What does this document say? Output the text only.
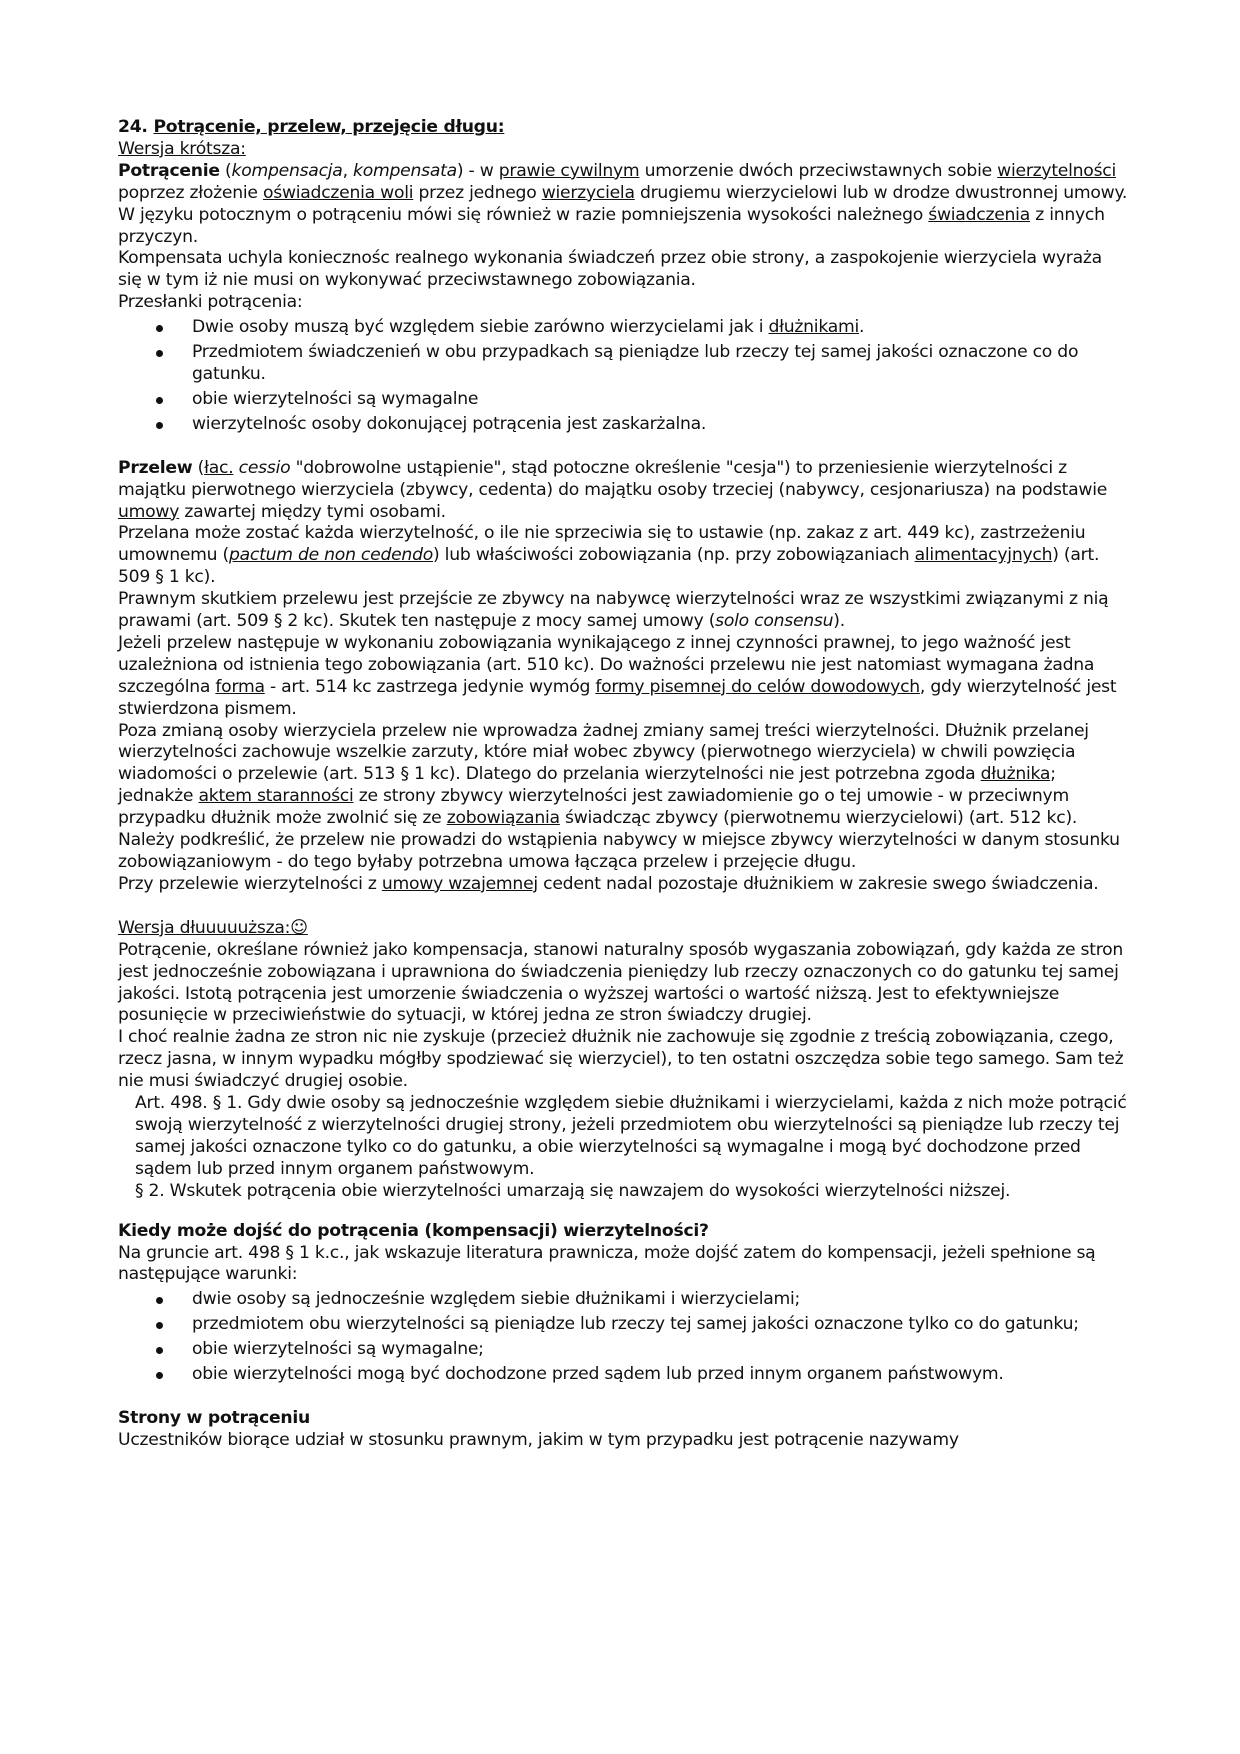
24. Potrącenie, przelew, przejęcie długu:

Wersja krótsza:

Potrącenie (kompensacja, kompensata) - w prawie cywilnym umorzenie dwóch przeciwstawnych sobie wierzytelności poprzez złożenie oświadczenia woli przez jednego wierzyciela drugiemu wierzycielowi lub w drodze dwustronnej umowy.

W języku potocznym o potrąceniu mówi się również w razie pomniejszenia wysokości należnego świadczenia z innych przyczyn.

Kompensata uchyla koniecznośc realnego wykonania świadczeń przez obie strony, a zaspokojenie wierzyciela wyraża się w tym iż nie musi on wykonywać przeciwstawnego zobowiązania.

Przesłanki potrącenia:

Dwie osoby muszą być względem siebie zarówno wierzycielami jak i dłużnikami.
Przedmiotem świadczenień w obu przypadkach są pieniądze lub rzeczy tej samej jakości oznaczone co do gatunku.
obie wierzytelności są wymagalne
wierzytelnośc osoby dokonującej potrącenia jest zaskarżalna.

Przelew (łac. cessio "dobrowolne ustąpienie", stąd potoczne określenie "cesja") to przeniesienie wierzytelności z majątku pierwotnego wierzyciela (zbywcy, cedenta) do majątku osoby trzeciej (nabywcy, cesjonariusza) na podstawie umowy zawartej między tymi osobami.

Przelana może zostać każda wierzytelność, o ile nie sprzeciwia się to ustawie (np. zakaz z art. 449 kc), zastrzeżeniu umownemu (pactum de non cedendo) lub właściwości zobowiązania (np. przy zobowiązaniach alimentacyjnych) (art. 509 § 1 kc).

Prawnym skutkiem przelewu jest przejście ze zbywcy na nabywcę wierzytelności wraz ze wszystkimi związanymi z nią prawami (art. 509 § 2 kc). Skutek ten następuje z mocy samej umowy (solo consensu).

Jeżeli przelew następuje w wykonaniu zobowiązania wynikającego z innej czynności prawnej, to jego ważność jest uzależniona od istnienia tego zobowiązania (art. 510 kc). Do ważności przelewu nie jest natomiast wymagana żadna szczególna forma - art. 514 kc zastrzega jedynie wymóg formy pisemnej do celów dowodowych, gdy wierzytelność jest stwierdzona pismem.

Poza zmianą osoby wierzyciela przelew nie wprowadza żadnej zmiany samej treści wierzytelności. Dłużnik przelanej wierzytelności zachowuje wszelkie zarzuty, które miał wobec zbywcy (pierwotnego wierzyciela) w chwili powzięcia wiadomości o przelewie (art. 513 § 1 kc). Dlatego do przelania wierzytelności nie jest potrzebna zgoda dłużnika; jednakże aktem staranności ze strony zbywcy wierzytelności jest zawiadomienie go o tej umowie - w przeciwnym przypadku dłużnik może zwolnić się ze zobowiązania świadcząc zbywcy (pierwotnemu wierzycielowi) (art. 512 kc).

Należy podkreślić, że przelew nie prowadzi do wstąpienia nabywcy w miejsce zbywcy wierzytelności w danym stosunku zobowiązaniowym - do tego byłaby potrzebna umowa łącząca przelew i przejęcie długu.

Przy przelewie wierzytelności z umowy wzajemnej cedent nadal pozostaje dłużnikiem w zakresie swego świadczenia.

Wersja dłuuuuuższa:☺

Potrącenie, określane również jako kompensacja, stanowi naturalny sposób wygaszania zobowiązań, gdy każda ze stron jest jednocześnie zobowiązana i uprawniona do świadczenia pieniędzy lub rzeczy oznaczonych co do gatunku tej samej jakości. Istotą potrącenia jest umorzenie świadczenia o wyższej wartości o wartość niższą. Jest to efektywniejsze posunięcie w przeciwieństwie do sytuacji, w której jedna ze stron świadczy drugiej.

I choć realnie żadna ze stron nic nie zyskuje (przecież dłużnik nie zachowuje się zgodnie z treścią zobowiązania, czego, rzecz jasna, w innym wypadku mógłby spodziewać się wierzyciel), to ten ostatni oszczędza sobie tego samego. Sam też nie musi świadczyć drugiej osobie.

Art. 498. § 1. Gdy dwie osoby są jednocześnie względem siebie dłużnikami i wierzycielami, każda z nich może potrącić swoją wierzytelność z wierzytelności drugiej strony, jeżeli przedmiotem obu wierzytelności są pieniądze lub rzeczy tej samej jakości oznaczone tylko co do gatunku, a obie wierzytelności są wymagalne i mogą być dochodzone przed sądem lub przed innym organem państwowym.

§ 2. Wskutek potrącenia obie wierzytelności umarzają się nawzajem do wysokości wierzytelności niższej.

Kiedy może dojść do potrącenia (kompensacji) wierzytelności?

Na gruncie art. 498 § 1 k.c., jak wskazuje literatura prawnicza, może dojść zatem do kompensacji, jeżeli spełnione są następujące warunki:

dwie osoby są jednocześnie względem siebie dłużnikami i wierzycielami;
przedmiotem obu wierzytelności są pieniądze lub rzeczy tej samej jakości oznaczone tylko co do gatunku;
obie wierzytelności są wymagalne;
obie wierzytelności mogą być dochodzone przed sądem lub przed innym organem państwowym.

Strony w potrąceniu

Uczestników biorące udział w stosunku prawnym, jakim w tym przypadku jest potrącenie nazywamy
